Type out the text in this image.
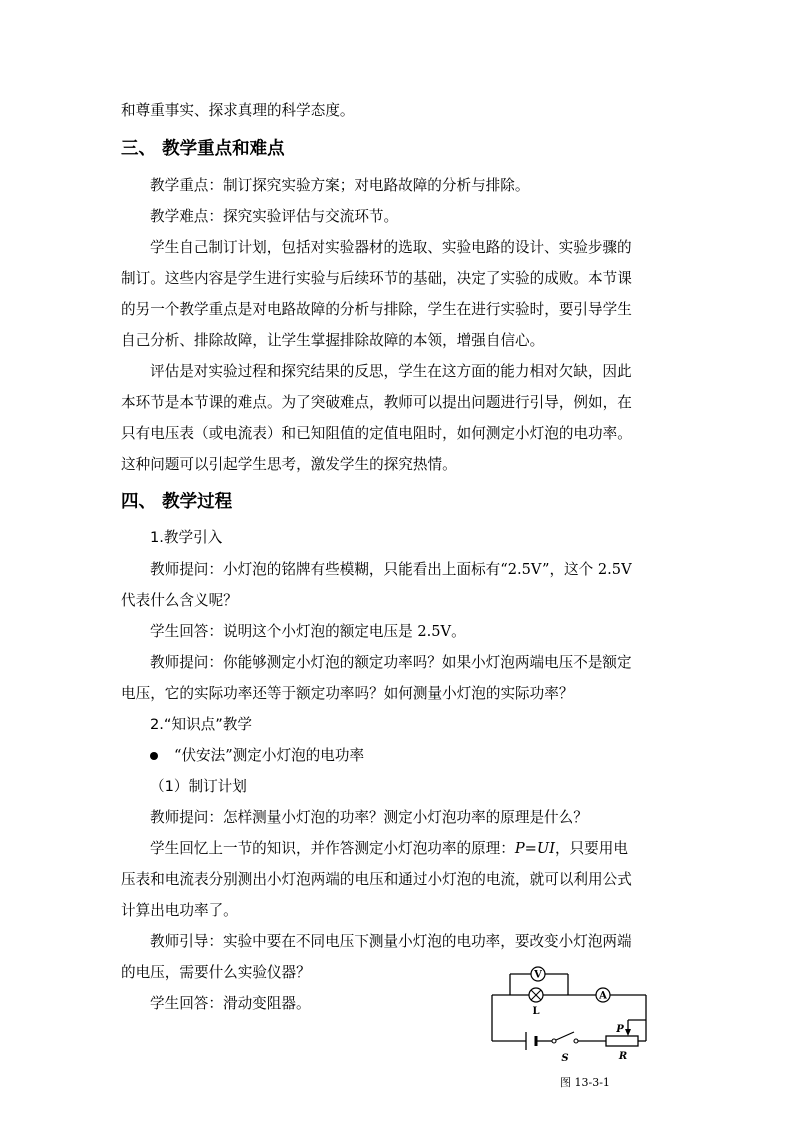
和尊重事实、探求真理的科学态度。
三、 教学重点和难点
教学重点：制订探究实验方案；对电路故障的分析与排除。
教学难点：探究实验评估与交流环节。
学生自己制订计划，包括对实验器材的选取、实验电路的设计、实验步骤的
制订。这些内容是学生进行实验与后续环节的基础，决定了实验的成败。本节课
的另一个教学重点是对电路故障的分析与排除，学生在进行实验时，要引导学生
自己分析、排除故障，让学生掌握排除故障的本领，增强自信心。
评估是对实验过程和探究结果的反思，学生在这方面的能力相对欠缺，因此
本环节是本节课的难点。为了突破难点，教师可以提出问题进行引导，例如，在
只有电压表（或电流表）和已知阻值的定值电阻时，如何测定小灯泡的电功率。
这种问题可以引起学生思考，激发学生的探究热情。
四、 教学过程
1.教学引入
教师提问：小灯泡的铭牌有些模糊，只能看出上面标有“2.5V”，这个 2.5V
代表什么含义呢？
学生回答：说明这个小灯泡的额定电压是 2.5V。
教师提问：你能够测定小灯泡的额定功率吗？如果小灯泡两端电压不是额定
电压，它的实际功率还等于额定功率吗？如何测量小灯泡的实际功率？
2.“知识点”教学
“伏安法”测定小灯泡的电功率
（1）制订计划
教师提问：怎样测量小灯泡的功率？测定小灯泡功率的原理是什么？
学生回忆上一节的知识，并作答测定小灯泡功率的原理：P=UI，只要用电
压表和电流表分别测出小灯泡两端的电压和通过小灯泡的电流，就可以利用公式
计算出电功率了。
教师引导：实验中要在不同电压下测量小灯泡的电功率，要改变小灯泡两端
的电压，需要什么实验仪器？
学生回答：滑动变阻器。
V
L
A
S
P
R
图 13-3-1
